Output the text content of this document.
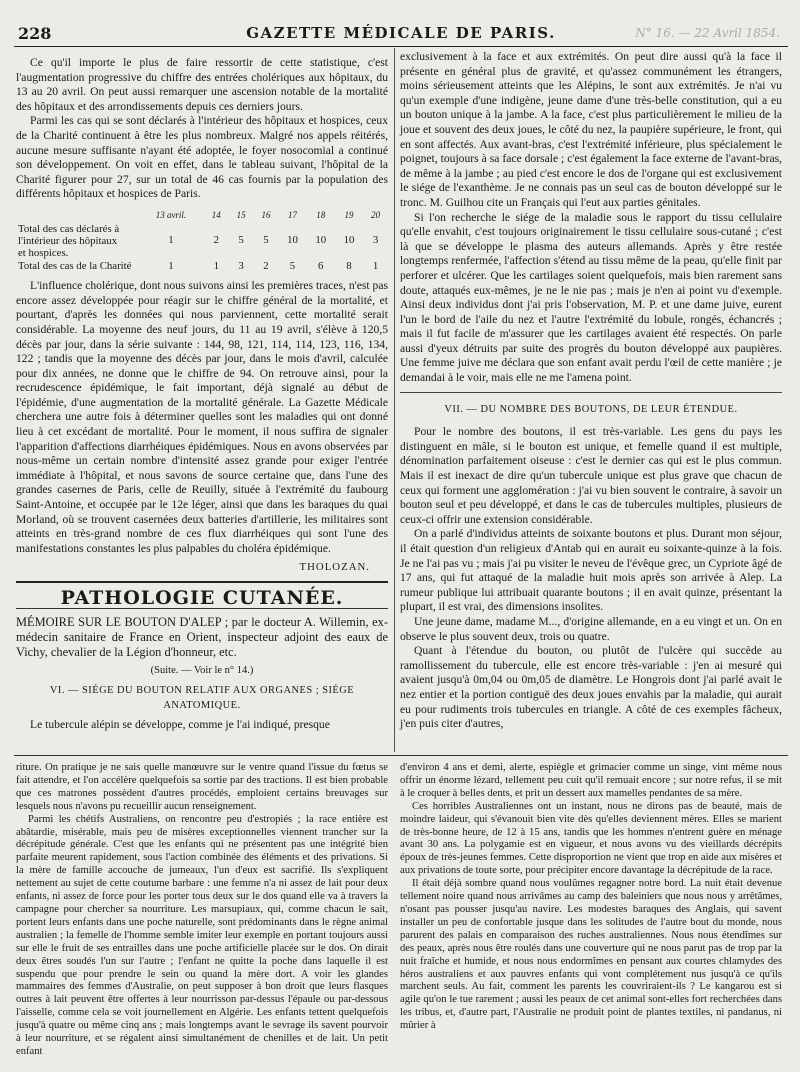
228	GAZETTE MÉDICALE DE PARIS.	N° 16. — 22 Avril 1854.

Ce qu'il importe le plus de faire ressortir de cette statistique, c'est l'augmentation progressive du chiffre des entrées cholériques aux hôpitaux, du 13 au 20 avril. On peut aussi remarquer une ascension notable de la mortalité des hôpitaux et des arrondissements depuis ces derniers jours.

Parmi les cas qui se sont déclarés à l'intérieur des hôpitaux et hospices, ceux de la Charité continuent à être les plus nombreux. Malgré nos appels réitérés, aucune mesure suffisante n'ayant été adoptée, le foyer nosocomial a continué son développement. On voit en effet, dans le tableau suivant, l'hôpital de la Charité figurer pour 27, sur un total de 46 cas fournis par la population des différents hôpitaux et hospices de Paris.

	13 avril.	14	15	16	17	18	19	20

Total des cas déclarés à
l'intérieur des hôpitaux
et hospices.	1	2	5	5	10	10	10	3
Total des cas de la Charité	1	1	3	2	5	6	8	1

L'influence cholérique, dont nous suivons ainsi les premières traces, n'est pas encore assez développée pour réagir sur le chiffre général de la mortalité, et pourtant, d'après les données qui nous parviennent, cette mortalité serait considérable. La moyenne des neuf jours, du 11 au 19 avril, s'élève à 120,5 décès par jour, dans la série suivante : 144, 98, 121, 114, 114, 123, 116, 134, 122 ; tandis que la moyenne des décès par jour, dans le mois d'avril, calculée pour dix années, ne donne que le chiffre de 94. On retrouve ainsi, pour la recrudescence épidémique, le fait important, déjà signalé au début de l'épidémie, d'une augmentation de la mortalité générale. La Gazette Médicale cherchera une autre fois à déterminer quelles sont les maladies qui ont donné lieu à cet excédant de mortalité. Pour le moment, il nous suffira de signaler l'apparition d'affections diarrhéiques épidémiques. Nous en avons observées par nous-même un certain nombre d'intensité assez grande pour exiger l'entrée immédiate à l'hôpital, et nous savons de source certaine que, dans l'une des grandes casernes de Paris, celle de Reuilly, située à l'extrémité du faubourg Saint-Antoine, et occupée par le 12e léger, ainsi que dans les baraques du quai Morland, où se trouvent casernées deux batteries d'artillerie, les militaires sont atteints en très-grand nombre de ces flux diarrhéiques qui sont l'une des manifestations constantes les plus palpables du choléra épidémique.

THOLOZAN.
PATHOLOGIE CUTANÉE.

MÉMOIRE SUR LE BOUTON D'ALEP ; par le docteur A. Willemin, ex-médecin sanitaire de France en Orient, inspecteur adjoint des eaux de Vichy, chevalier de la Légion d'honneur, etc.

(Suite. — Voir le n° 14.)
VI. — SIÉGE DU BOUTON RELATIF AUX ORGANES ; SIÉGE ANATOMIQUE.

Le tubercule alépin se développe, comme je l'ai indiqué, presque

exclusivement à la face et aux extrémités. On peut dire aussi qu'à la face il présente en général plus de gravité, et qu'assez communément les étrangers, moins sérieusement atteints que les Alépins, le sont aux extrémités. Je n'ai vu qu'un exemple d'une indigène, jeune dame d'une très-belle constitution, qui a eu un bouton unique à la jambe. A la face, c'est plus particulièrement le milieu de la joue et souvent des deux joues, le côté du nez, la paupière supérieure, le front, qui en sont affectés. Aux avant-bras, c'est l'extrémité inférieure, plus spécialement le poignet, toujours à sa face dorsale ; c'est également la face externe de l'avant-bras, de même à la jambe ; au pied c'est encore le dos de l'organe qui est exclusivement le siége de l'exanthème. Je ne connais pas un seul cas de bouton développé sur le tronc. M. Guilhou cite un Français qui l'eut aux parties génitales.

Si l'on recherche le siége de la maladie sous le rapport du tissu cellulaire qu'elle envahit, c'est toujours originairement le tissu cellulaire sous-cutané ; c'est là que se développe le plasma des auteurs allemands. Après y être restée longtemps renfermée, l'affection s'étend au tissu même de la peau, qu'elle finit par perforer et ulcérer. Que les cartilages soient quelquefois, mais bien rarement sans doute, attaqués eux-mêmes, je ne le nie pas ; mais je n'en ai point vu d'exemple. Ainsi deux individus dont j'ai pris l'observation, M. P. et une dame juive, eurent l'un le bord de l'aile du nez et l'autre l'extrémité du lobule, rongés, échancrés ; mais il fut facile de m'assurer que les cartilages avaient été respectés. On parle aussi d'yeux détruits par suite des progrès du bouton développé aux paupières. Une femme juive me déclara que son enfant avait perdu l'œil de cette manière ; je demandai à le voir, mais elle ne me l'amena point.

VII. — DU NOMBRE DES BOUTONS, DE LEUR ÉTENDUE.

Pour le nombre des boutons, il est très-variable. Les gens du pays les distinguent en mâle, si le bouton est unique, et femelle quand il est multiple, dénomination parfaitement oiseuse : c'est le dernier cas qui est le plus commun. Mais il est inexact de dire qu'un tubercule unique est plus grave que chacun de ceux qui forment une agglomération : j'ai vu bien souvent le contraire, à savoir un bouton seul et peu développé, et dans le cas de tubercules multiples, plusieurs de ceux-ci offrir une extension considérable.

On a parlé d'individus atteints de soixante boutons et plus. Durant mon séjour, il était question d'un religieux d'Antab qui en aurait eu soixante-quinze à la fois. Je ne l'ai pas vu ; mais j'ai pu visiter le neveu de l'évêque grec, un Cypriote âgé de 17 ans, qui fut attaqué de la maladie huit mois après son arrivée à Alep. La rumeur publique lui attribuait quarante boutons ; il en avait quinze, présentant la plupart, il est vrai, des dimensions insolites.

Une jeune dame, madame M..., d'origine allemande, en a eu vingt et un. On en observe le plus souvent deux, trois ou quatre.

Quant à l'étendue du bouton, ou plutôt de l'ulcère qui succède au ramollissement du tubercule, elle est encore très-variable : j'en ai mesuré qui avaient jusqu'à 0m,04 ou 0m,05 de diamètre. Le Hongrois dont j'ai parlé avait le nez entier et la portion contiguë des deux joues envahis par la maladie, qui aurait eu pour rudiments trois tubercules en triangle. A côté de ces exemples fâcheux, j'en puis citer d'autres,

riture. On pratique je ne sais quelle manœuvre sur le ventre quand l'issue du fœtus se fait attendre, et l'on accélère quelquefois sa sortie par des tractions. Il est bien probable que ces matrones possèdent d'autres procédés, emploient certains breuvages sur lesquels nous n'avons pu recueillir aucun renseignement.

Parmi les chétifs Australiens, on rencontre peu d'estropiés ; la race entière est abâtardie, misérable, mais peu de misères exceptionnelles viennent trancher sur la décrépitude générale. C'est que les enfants qui ne présentent pas une intégrité bien parfaite meurent rapidement, sous l'action combinée des éléments et des privations. Si la mère de famille accouche de jumeaux, l'un d'eux est sacrifié. Ils s'expliquent nettement au sujet de cette coutume barbare : une femme n'a ni assez de lait pour deux enfants, ni assez de force pour les porter tous deux sur le dos quand elle va à travers la campagne pour chercher sa nourriture. Les marsupiaux, qui, comme chacun le sait, portent leurs enfants dans une poche naturelle, sont prédominants dans le règne animal australien ; la femelle de l'homme semble imiter leur exemple en portant toujours aussi sur elle le fruit de ses entrailles dans une poche artificielle placée sur le dos. On dirait deux êtres soudés l'un sur l'autre ; l'enfant ne quitte la poche dans laquelle il est suspendu que pour prendre le sein ou quand la mère dort. A voir les glandes mammaires des femmes d'Australie, on peut supposer à bon droit que leurs flasques outres à lait peuvent être offertes à leur nourrisson par-dessus l'épaule ou par-dessous l'aisselle, comme cela se voit journellement en Algérie. Les enfants tettent quelquefois jusqu'à quatre ou même cinq ans ; mais longtemps avant le sevrage ils savent pourvoir à leur nourriture, et se régalent ainsi simultanément de chenilles et de lait. Un petit enfant

d'environ 4 ans et demi, alerte, espiègle et grimacier comme un singe, vint même nous offrir un énorme lézard, tellement peu cuit qu'il remuait encore ; sur notre refus, il se mit à le croquer à belles dents, et prit un dessert aux mamelles pendantes de sa mère.

Ces horribles Australiennes ont un instant, nous ne dirons pas de beauté, mais de moindre laideur, qui s'évanouit bien vite dès qu'elles deviennent mères. Elles se marient de très-bonne heure, de 12 à 15 ans, tandis que les hommes n'entrent guère en ménage avant 30 ans. La polygamie est en vigueur, et nous avons vu des vieillards décrépits époux de très-jeunes femmes. Cette disproportion ne vient que trop en aide aux misères et aux privations de toute sorte, pour précipiter encore davantage la décrépitude de la race.

Il était déjà sombre quand nous voulûmes regagner notre bord. La nuit était devenue tellement noire quand nous arrivâmes au camp des baleiniers que nous nous y arrêtâmes, n'osant pas pousser jusqu'au navire. Les modestes baraques des Anglais, qui savent installer un peu de confortable jusque dans les solitudes de l'autre bout du monde, nous parurent des palais en comparaison des ruches australiennes. Nous nous étendîmes sur des peaux, après nous être roulés dans une couverture qui ne nous parut pas de trop par la nuit fraîche et humide, et nous nous endormîmes en pensant aux courtes chlamydes des héros australiens et aux pauvres enfants qui vont complétement nus jusqu'à ce qu'ils marchent seuls. Au fait, comment les parents les couvriraient-ils ? Le kangarou est si agile qu'on le tue rarement ; aussi les peaux de cet animal sont-elles fort recherchées dans les tribus, et, d'autre part, l'Australie ne produit point de plantes textiles, ni pandanus, ni mûrier à
